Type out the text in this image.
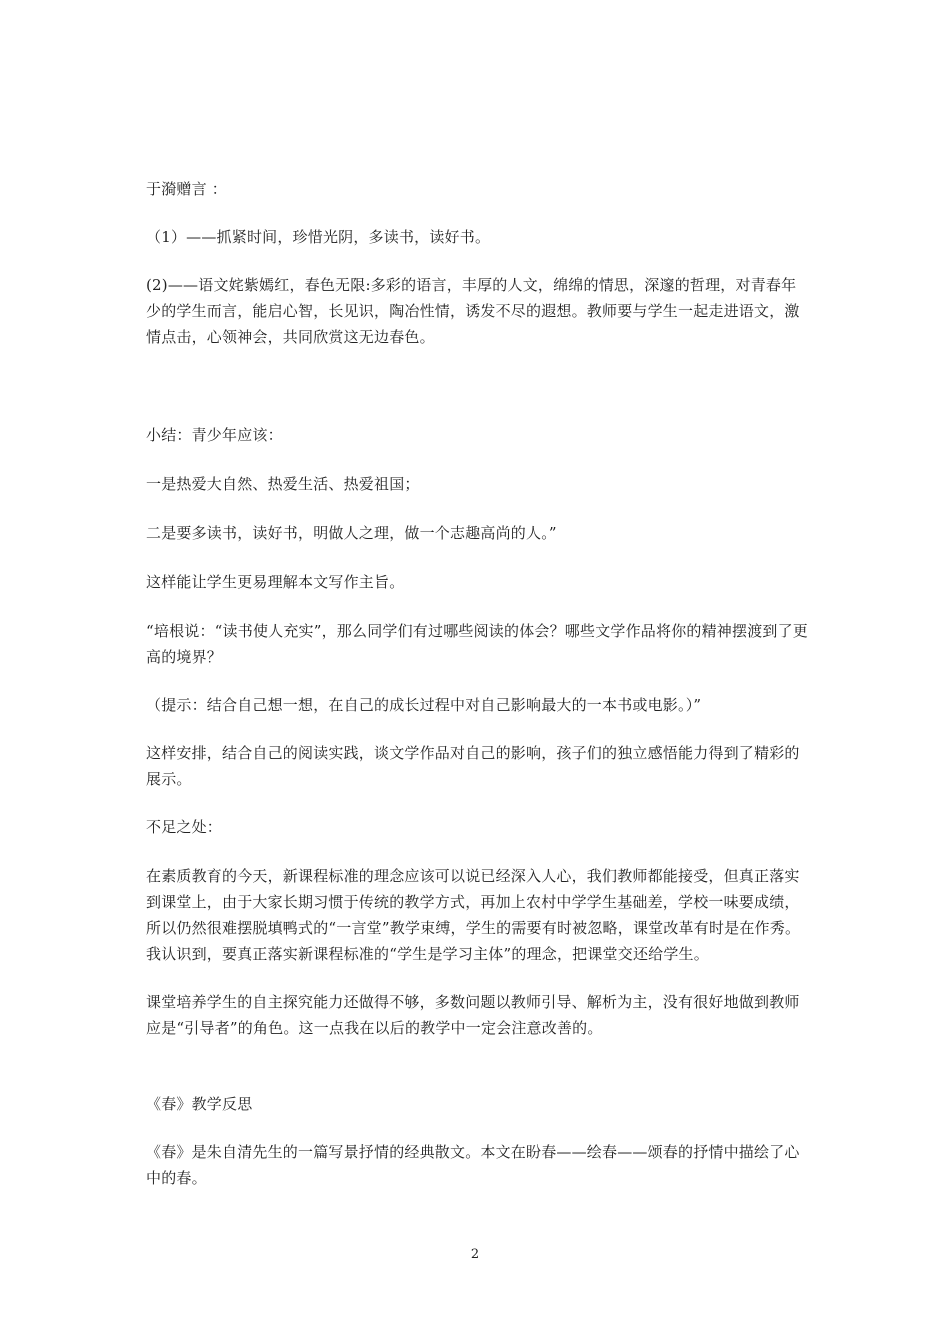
于漪赠言 ：

（1）——抓紧时间，珍惜光阴，多读书，读好书。

(2)——语文姹紫嫣红，春色无限:多彩的语言，丰厚的人文，绵绵的情思，深邃的哲理，对青春年少的学生而言，能启心智，长见识，陶冶性情，诱发不尽的遐想。教师要与学生一起走进语文，激情点击，心领神会，共同欣赏这无边春色。

小结：青少年应该：

一是热爱大自然、热爱生活、热爱祖国；

二是要多读书，读好书，明做人之理，做一个志趣高尚的人。”

这样能让学生更易理解本文写作主旨。

“培根说：“读书使人充实”，那么同学们有过哪些阅读的体会？哪些文学作品将你的精神摆渡到了更高的境界？

（提示：结合自己想一想，在自己的成长过程中对自己影响最大的一本书或电影。）”

这样安排，结合自己的阅读实践，谈文学作品对自己的影响，孩子们的独立感悟能力得到了精彩的展示。

不足之处：

在素质教育的今天，新课程标准的理念应该可以说已经深入人心，我们教师都能接受，但真正落实到课堂上，由于大家长期习惯于传统的教学方式，再加上农村中学学生基础差，学校一味要成绩，所以仍然很难摆脱填鸭式的“一言堂”教学束缚，学生的需要有时被忽略，课堂改革有时是在作秀。我认识到，要真正落实新课程标准的“学生是学习主体”的理念，把课堂交还给学生。

课堂培养学生的自主探究能力还做得不够，多数问题以教师引导、解析为主，没有很好地做到教师应是“引导者”的角色。这一点我在以后的教学中一定会注意改善的。

《春》教学反思

《春》是朱自清先生的一篇写景抒情的经典散文。本文在盼春——绘春——颂春的抒情中描绘了心中的春。

2
